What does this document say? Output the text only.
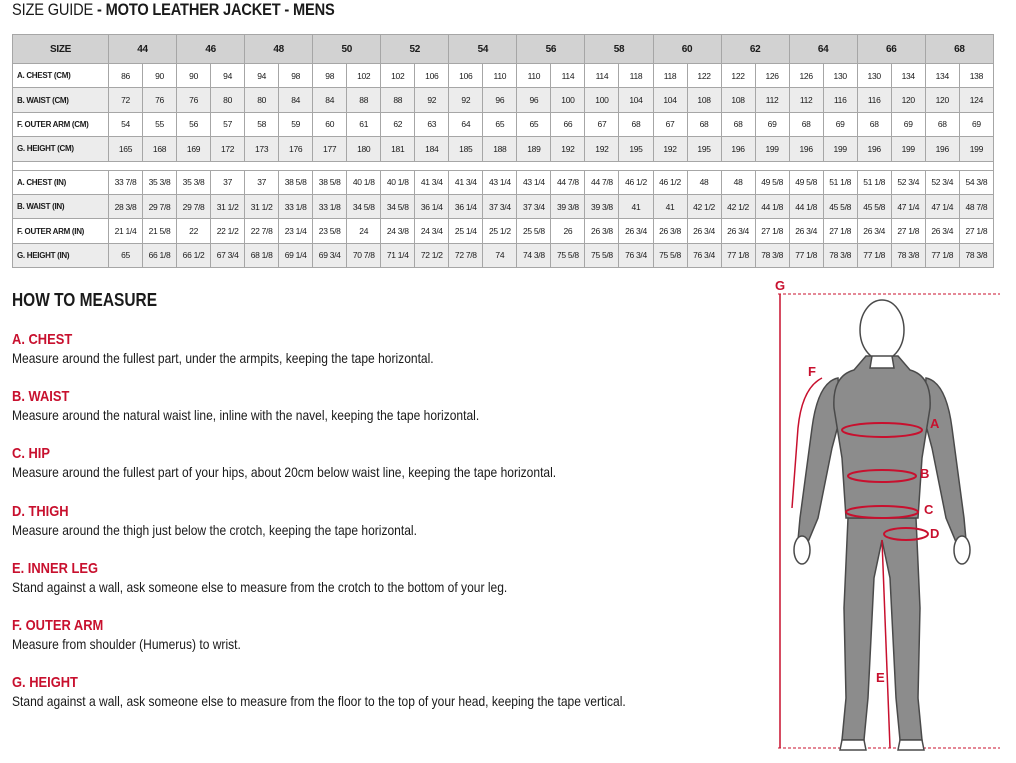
SIZE GUIDE - MOTO LEATHER JACKET - MENS
SIZE	44		46		48		50		52		54		56		58		60		62		64		66		68	
A. CHEST (CM)	86	90	90	94	94	98	98	102	102	106	106	110	110	114	114	118	118	122	122	126	126	130	130	134	134	138
B. WAIST (CM)	72	76	76	80	80	84	84	88	88	92	92	96	96	100	100	104	104	108	108	112	112	116	116	120	120	124
F. OUTER ARM (CM)	54	55	56	57	58	59	60	61	62	63	64	65	65	66	67	68	67	68	68	69	68	69	68	69	68	69
G. HEIGHT (CM)	165	168	169	172	173	176	177	180	181	184	185	188	189	192	192	195	192	195	196	199	196	199	196	199	196	199

A. CHEST (IN)	33 7/8	35 3/8	35 3/8	37	37	38 5/8	38 5/8	40 1/8	40 1/8	41 3/4	41 3/4	43 1/4	43 1/4	44 7/8	44 7/8	46 1/2	46 1/2	48	48	49 5/8	49 5/8	51 1/8	51 1/8	52 3/4	52 3/4	54 3/8
B. WAIST (IN)	28 3/8	29 7/8	29 7/8	31 1/2	31 1/2	33 1/8	33 1/8	34 5/8	34 5/8	36 1/4	36 1/4	37 3/4	37 3/4	39 3/8	39 3/8	41	41	42 1/2	42 1/2	44 1/8	44 1/8	45 5/8	45 5/8	47 1/4	47 1/4	48 7/8
F. OUTER ARM (IN)	21 1/4	21 5/8	22	22 1/2	22 7/8	23 1/4	23 5/8	24	24 3/8	24 3/4	25 1/4	25 1/2	25 5/8	26	26 3/8	26 3/4	26 3/8	26 3/4	26 3/4	27 1/8	26 3/4	27 1/8	26 3/4	27 1/8	26 3/4	27 1/8
G. HEIGHT (IN)	65	66 1/8	66 1/2	67 3/4	68 1/8	69 1/4	69 3/4	70 7/8	71 1/4	72 1/2	72 7/8	74	74 3/8	75 5/8	75 5/8	76 3/4	75 5/8	76 3/4	77 1/8	78 3/8	77 1/8	78 3/8	77 1/8	78 3/8	77 1/8	78 3/8
HOW TO MEASURE
A. CHEST
Measure around the fullest part, under the armpits, keeping the tape horizontal.
B. WAIST
Measure around the natural waist line, inline with the navel, keeping the tape horizontal.
C. HIP
Measure around the fullest part of your hips, about 20cm below waist line, keeping the tape horizontal.
D. THIGH
Measure around the thigh just below the crotch, keeping the tape horizontal.
E. INNER LEG
Stand against a wall, ask someone else to measure from the crotch to the bottom of your leg.
F. OUTER ARM
Measure from shoulder (Humerus) to wrist.
G. HEIGHT
Stand against a wall, ask someone else to measure from the floor to the top of your head, keeping the tape vertical.
G
A
B
C
D
E
F
